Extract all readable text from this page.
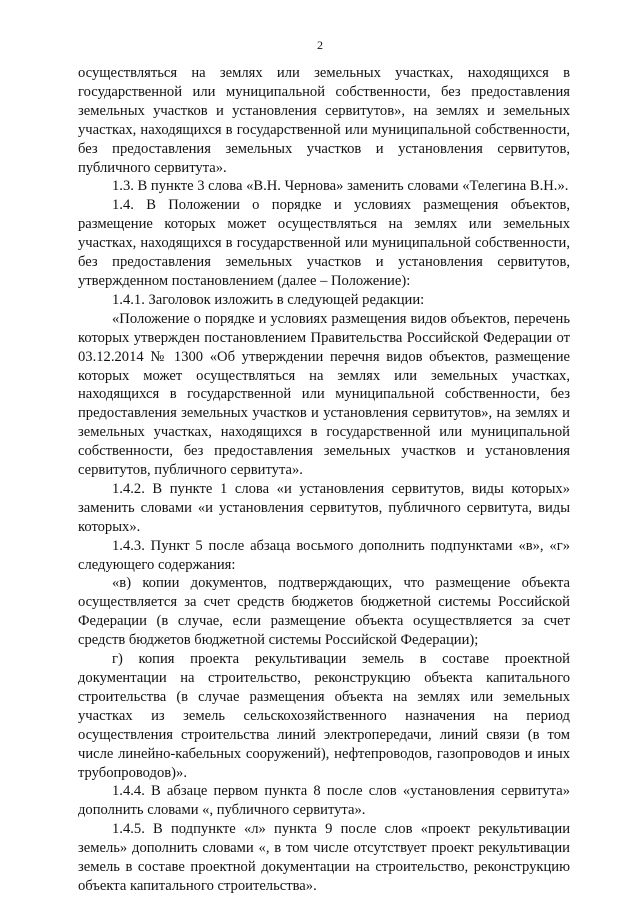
2

осуществляться на землях или земельных участках, находящихся в государственной или муниципальной собственности, без предоставления земельных участков и установления сервитутов», на землях и земельных участках, находящихся в государственной или муниципальной собственности, без предоставления земельных участков и установления сервитутов, публичного сервитута».

1.3. В пункте 3 слова «В.Н. Чернова» заменить словами «Телегина В.Н.».

1.4. В Положении о порядке и условиях размещения объектов, размещение которых может осуществляться на землях или земельных участках, находящихся в государственной или муниципальной собственности, без предоставления земельных участков и установления сервитутов, утвержденном постановлением (далее – Положение):

1.4.1. Заголовок изложить в следующей редакции:

«Положение о порядке и условиях размещения видов объектов, перечень которых утвержден постановлением Правительства Российской Федерации от 03.12.2014 № 1300 «Об утверждении перечня видов объектов, размещение которых может осуществляться на землях или земельных участках, находящихся в государственной или муниципальной собственности, без предоставления земельных участков и установления сервитутов», на землях и земельных участках, находящихся в государственной или муниципальной собственности, без предоставления земельных участков и установления сервитутов, публичного сервитута».

1.4.2. В пункте 1 слова «и установления сервитутов, виды которых» заменить словами «и установления сервитутов, публичного сервитута, виды которых».

1.4.3. Пункт 5 после абзаца восьмого дополнить подпунктами «в», «г» следующего содержания:

«в) копии документов, подтверждающих, что размещение объекта осуществляется за счет средств бюджетов бюджетной системы Российской Федерации (в случае, если размещение объекта осуществляется за счет средств бюджетов бюджетной системы Российской Федерации);

г) копия проекта рекультивации земель в составе проектной документации на строительство, реконструкцию объекта капитального строительства (в случае размещения объекта на землях или земельных участках из земель сельскохозяйственного назначения на период осуществления строительства линий электропередачи, линий связи (в том числе линейно-кабельных сооружений), нефтепроводов, газопроводов и иных трубопроводов)».

1.4.4. В абзаце первом пункта 8 после слов «установления сервитута» дополнить словами «, публичного сервитута».

1.4.5. В подпункте «л» пункта 9 после слов «проект рекультивации земель» дополнить словами «, в том числе отсутствует проект рекультивации земель в составе проектной документации на строительство, реконструкцию объекта капитального строительства».
